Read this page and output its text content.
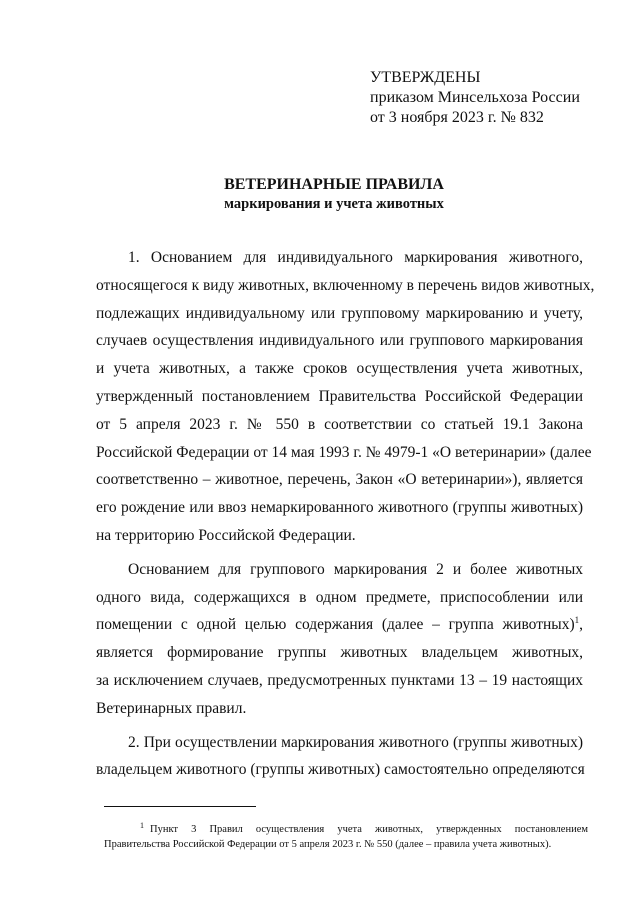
УТВЕРЖДЕНЫ
приказом Минсельхоза России
от 3 ноября 2023 г. № 832
ВЕТЕРИНАРНЫЕ ПРАВИЛА
маркирования и учета животных
1. Основанием для индивидуального маркирования животного,
относящегося к виду животных, включенному в перечень видов животных,
подлежащих индивидуальному или групповому маркированию и учету,
случаев осуществления индивидуального или группового маркирования
и учета животных, а также сроков осуществления учета животных,
утвержденный постановлением Правительства Российской Федерации
от 5 апреля 2023 г. № 550 в соответствии со статьей 19.1 Закона
Российской Федерации от 14 мая 1993 г. № 4979-1 «О ветеринарии» (далее
соответственно – животное, перечень, Закон «О ветеринарии»), является
его рождение или ввоз немаркированного животного (группы животных)
на территорию Российской Федерации.
Основанием для группового маркирования 2 и более животных
одного вида, содержащихся в одном предмете, приспособлении или
помещении с одной целью содержания (далее – группа животных)$^1$,
является формирование группы животных владельцем животных,
за исключением случаев, предусмотренных пунктами 13 – 19 настоящих
Ветеринарных правил.
2. При осуществлении маркирования животного (группы животных)
владельцем животного (группы животных) самостоятельно определяются
$^1$ Пункт 3 Правил осуществления учета животных, утвержденных постановлением
Правительства Российской Федерации от 5 апреля 2023 г. № 550 (далее – правила учета животных).
